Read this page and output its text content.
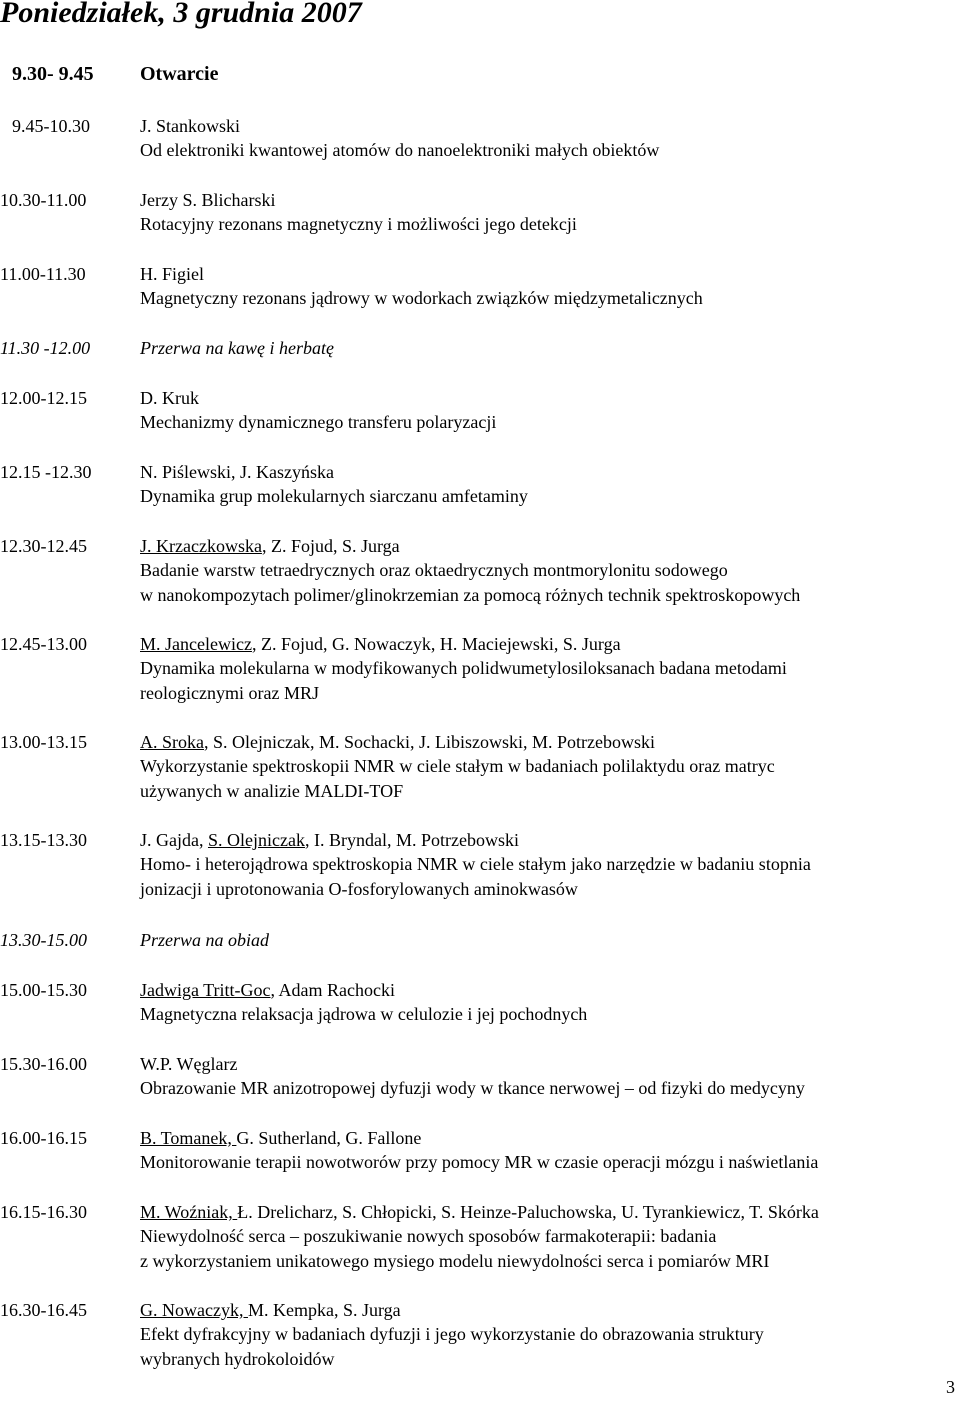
Poniedziałek, 3 grudnia 2007
9.30- 9.45 Otwarcie
9.45-10.30	J. Stankowski
Od elektroniki kwantowej atomów do nanoelektroniki małych obiektów
10.30-11.00	Jerzy S. Blicharski
Rotacyjny rezonans magnetyczny i możliwości jego detekcji
11.00-11.30	H. Figiel
Magnetyczny rezonans jądrowy w wodorkach związków międzymetalicznych
11.30 -12.00	Przerwa na kawę i herbatę
12.00-12.15	D. Kruk
Mechanizmy dynamicznego transferu polaryzacji
12.15 -12.30	N. Piślewski, J. Kaszyńska
Dynamika grup molekularnych siarczanu amfetaminy
12.30-12.45	J. Krzaczkowska, Z. Fojud, S. Jurga
Badanie warstw tetraedrycznych oraz oktaedrycznych montmorylonitu sodowego
w nanokompozytach polimer/glinokrzemian za pomocą różnych technik spektroskopowych
12.45-13.00	M. Jancelewicz, Z. Fojud, G. Nowaczyk, H. Maciejewski, S. Jurga
Dynamika molekularna w modyfikowanych polidwumetylosiloksanach badana metodami
reologicznymi oraz MRJ
13.00-13.15	A. Sroka, S. Olejniczak, M. Sochacki, J. Libiszowski, M. Potrzebowski
Wykorzystanie spektroskopii NMR w ciele stałym w badaniach polilaktydu oraz matryc
używanych w analizie MALDI-TOF
13.15-13.30	J. Gajda, S. Olejniczak, I. Bryndal, M. Potrzebowski
Homo- i heterojądrowa spektroskopia NMR w ciele stałym jako narzędzie w badaniu stopnia
jonizacji i uprotonowania O-fosforylowanych aminokwasów
13.30-15.00	Przerwa na obiad
15.00-15.30	Jadwiga Tritt-Goc, Adam Rachocki
Magnetyczna relaksacja jądrowa w celulozie i jej pochodnych
15.30-16.00	W.P. Węglarz
Obrazowanie MR anizotropowej dyfuzji wody w tkance nerwowej – od fizyki do medycyny
16.00-16.15	B. Tomanek, G. Sutherland, G. Fallone
Monitorowanie terapii nowotworów przy pomocy MR w czasie operacji mózgu i naświetlania
16.15-16.30	M. Woźniak, Ł. Drelicharz, S. Chłopicki, S. Heinze-Paluchowska, U. Tyrankiewicz, T. Skórka
Niewydolność serca – poszukiwanie nowych sposobów farmakoterapii: badania
z wykorzystaniem unikatowego mysiego modelu niewydolności serca i pomiarów MRI
16.30-16.45	G. Nowaczyk, M. Kempka, S. Jurga
Efekt dyfrakcyjny w badaniach dyfuzji i jego wykorzystanie do obrazowania struktury
wybranych hydrokoloidów
3
